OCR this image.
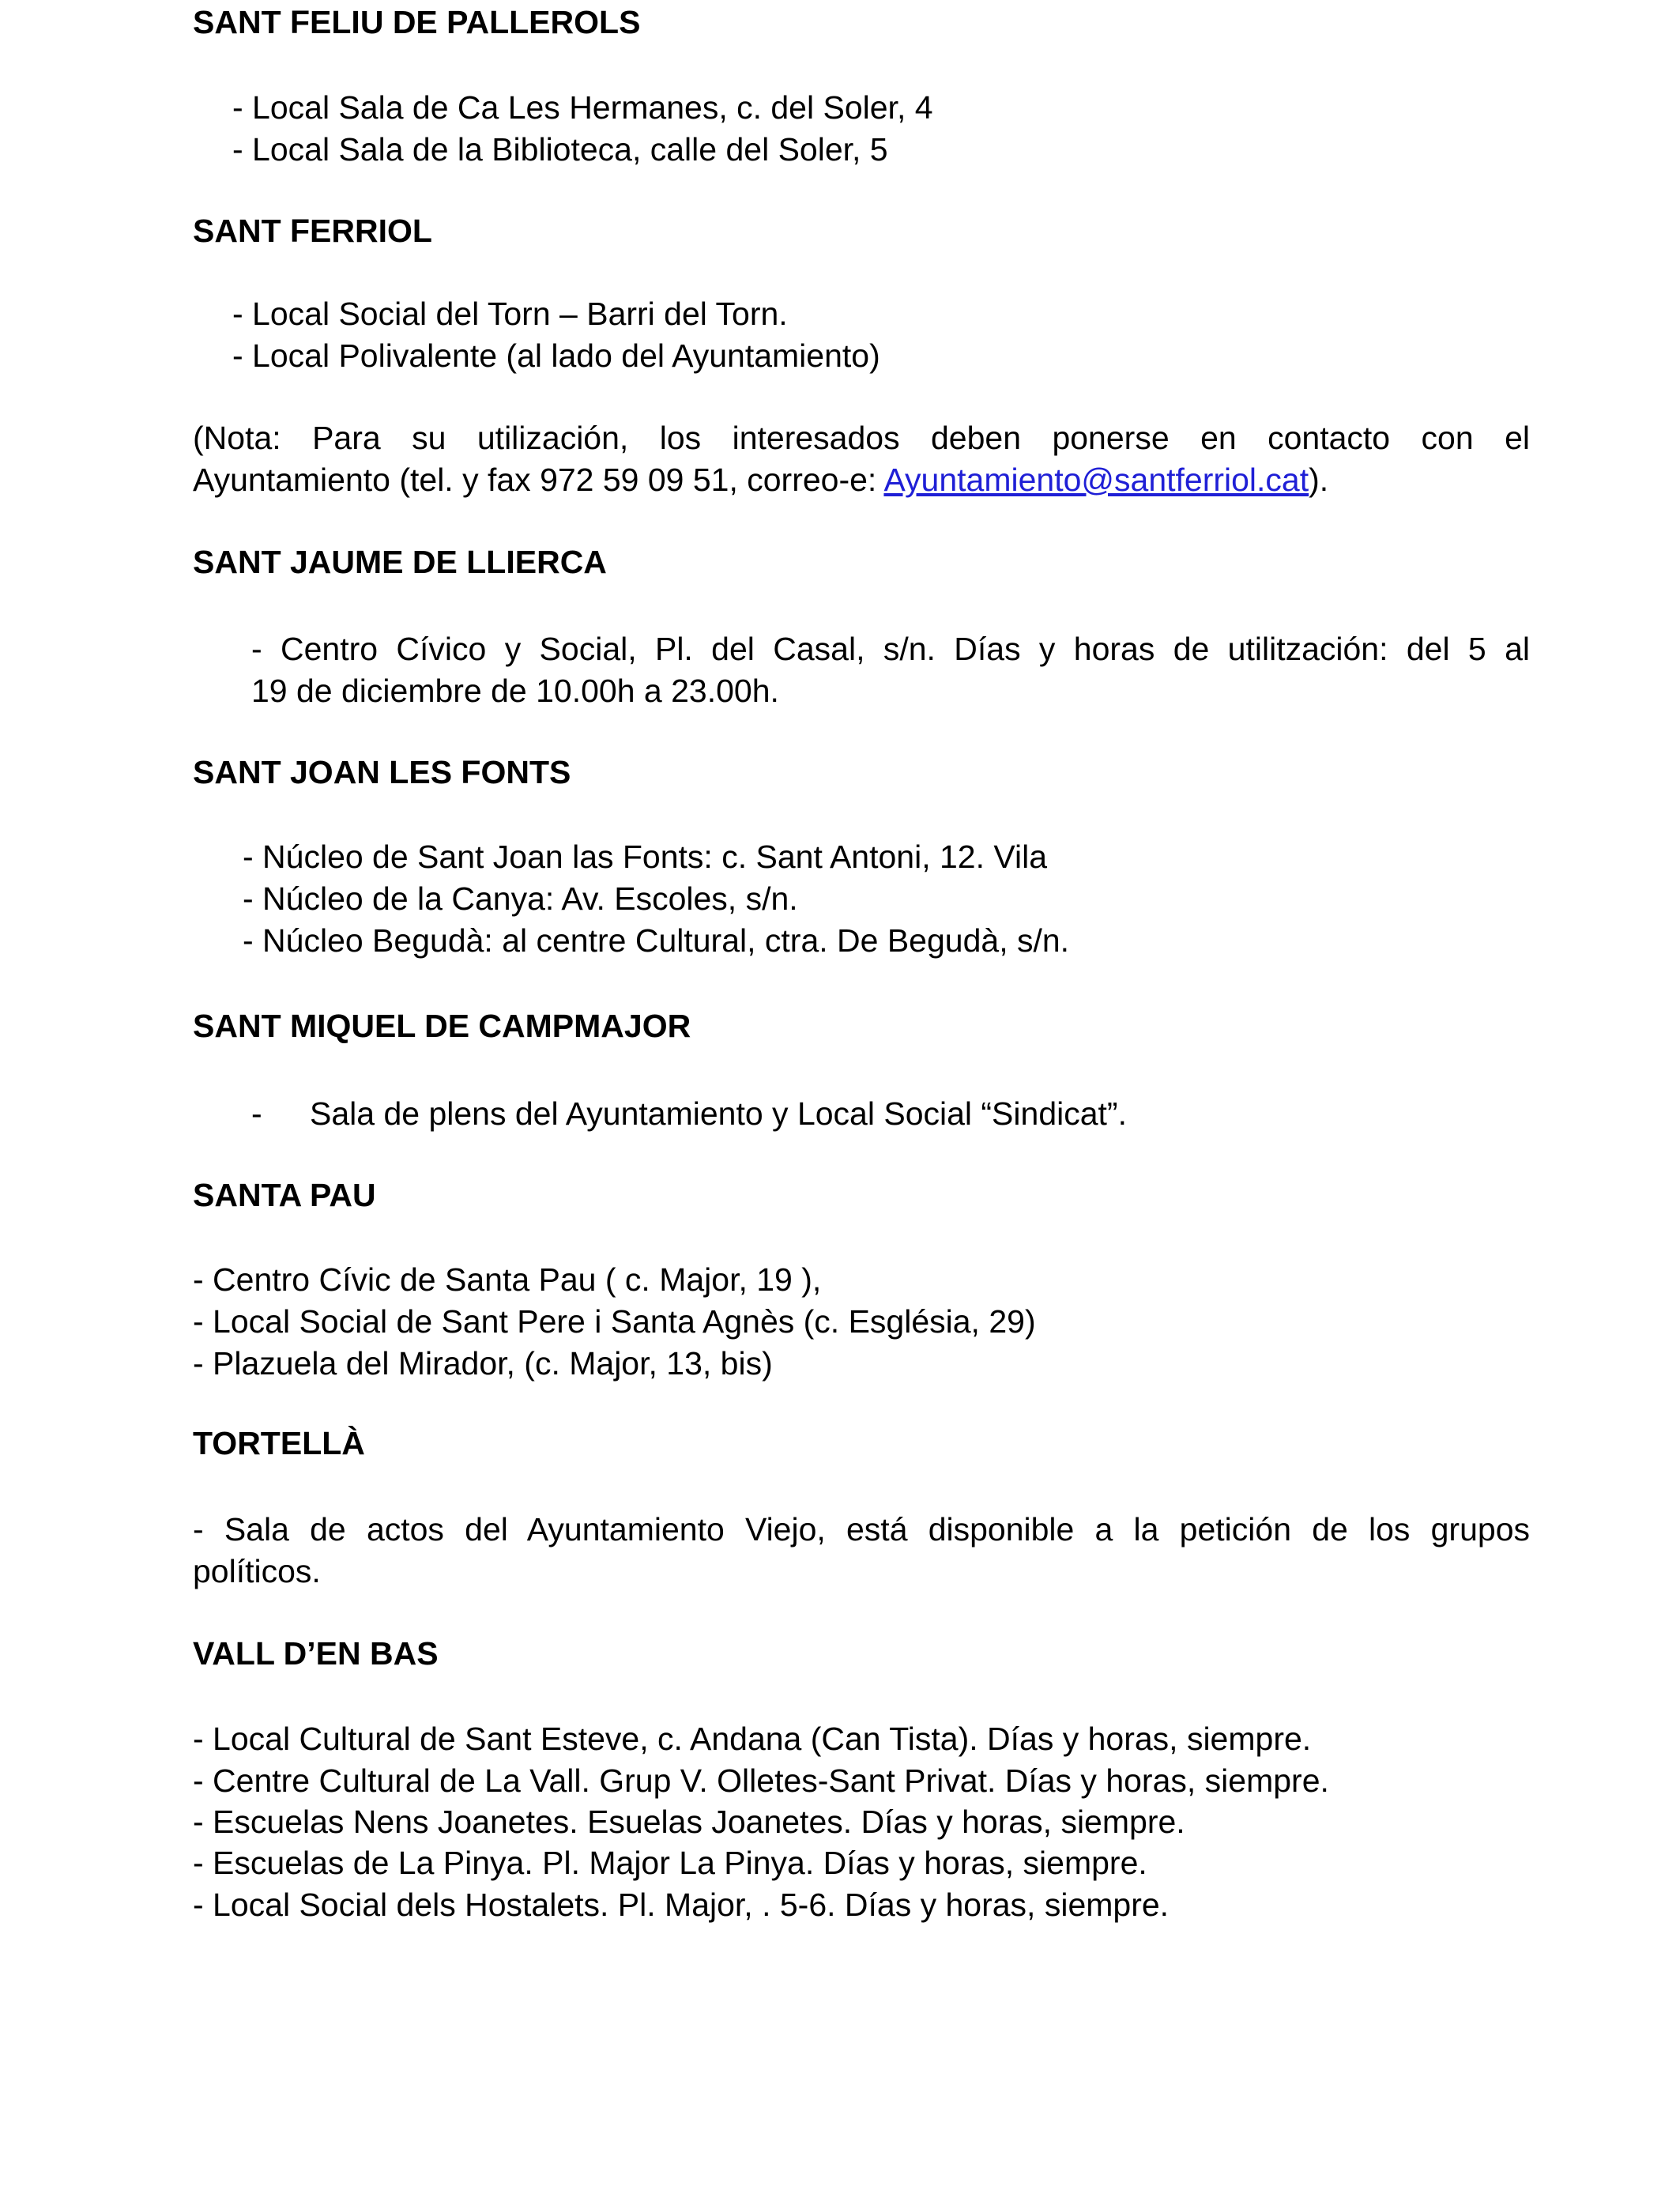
SANT FELIU DE PALLEROLS
- Local Sala de Ca Les Hermanes, c. del Soler, 4
- Local Sala de la Biblioteca, calle del Soler, 5
SANT FERRIOL
- Local Social del Torn – Barri del Torn.
- Local Polivalente (al lado del Ayuntamiento)
(Nota: Para su utilización, los interesados deben ponerse en contacto con el
Ayuntamiento (tel. y fax 972 59 09 51, correo-e: Ayuntamiento@santferriol.cat).
SANT JAUME DE LLIERCA
- Centro Cívico y Social, Pl. del Casal, s/n. Días y horas de utilitzación: del 5 al
19 de diciembre de 10.00h a 23.00h.
SANT JOAN LES FONTS
- Núcleo de Sant Joan las Fonts: c. Sant Antoni, 12. Vila
- Núcleo de la Canya: Av. Escoles, s/n.
- Núcleo Begudà: al centre Cultural, ctra. De Begudà, s/n.
SANT MIQUEL DE CAMPMAJOR
- Sala de plens del Ayuntamiento y Local Social “Sindicat”.
SANTA PAU
- Centro Cívic de Santa Pau ( c. Major, 19 ),
- Local Social de Sant Pere i Santa Agnès (c. Església, 29)
- Plazuela del Mirador, (c. Major, 13, bis)
TORTELLÀ
- Sala de actos del Ayuntamiento Viejo, está disponible a la petición de los grupos
políticos.
VALL D’EN BAS
- Local Cultural de Sant Esteve, c. Andana (Can Tista). Días y horas, siempre.
- Centre Cultural de La Vall. Grup V. Olletes-Sant Privat. Días y horas, siempre.
- Escuelas Nens Joanetes. Esuelas Joanetes. Días y horas, siempre.
- Escuelas de La Pinya. Pl. Major La Pinya. Días y horas, siempre.
- Local Social dels Hostalets. Pl. Major, . 5-6. Días y horas, siempre.
